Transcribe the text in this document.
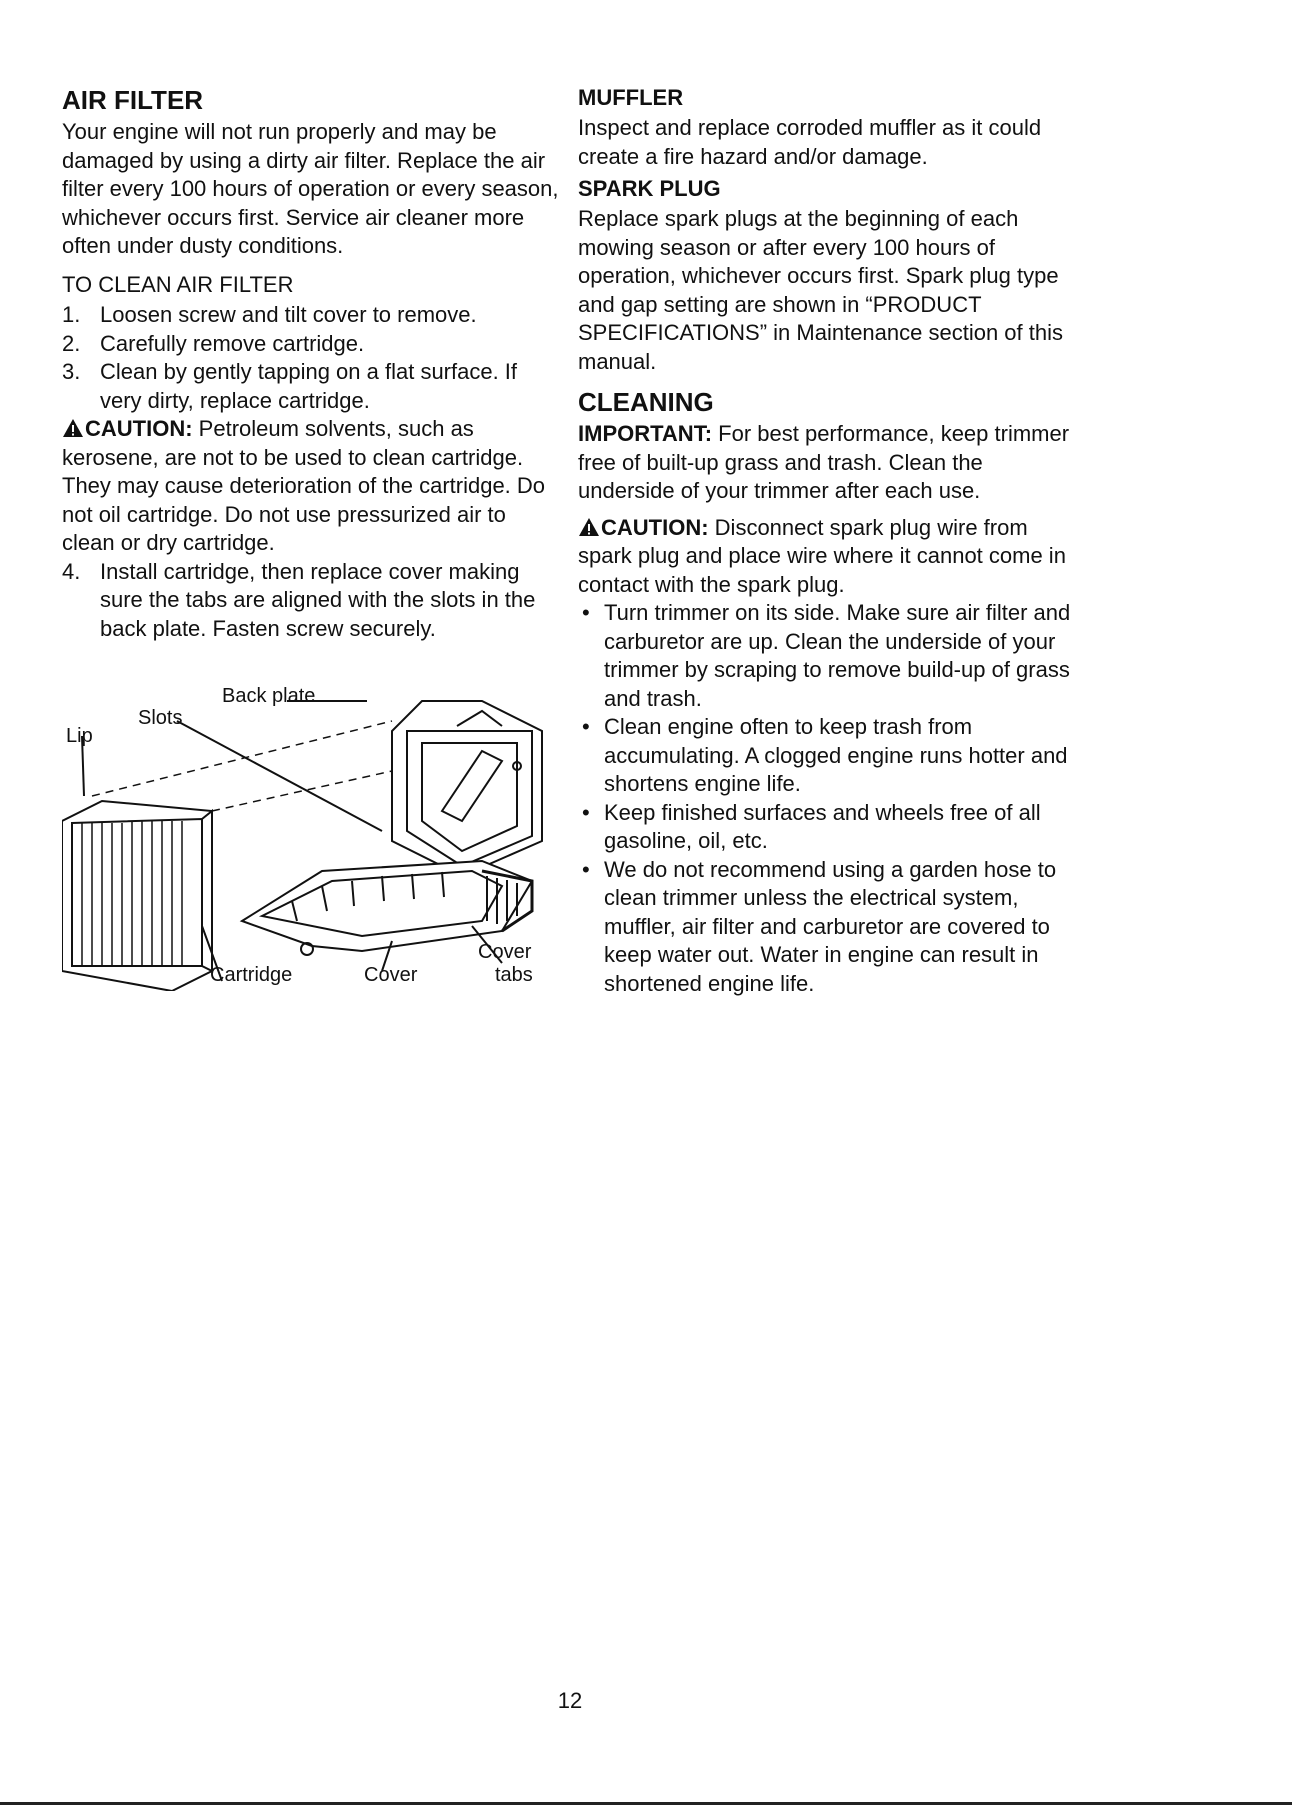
AIR FILTER

Your engine will not run properly and may be damaged by using a dirty air filter. Replace the air filter every 100 hours of operation or every season, whichever occurs first. Service air cleaner more often under dusty conditions.

TO CLEAN AIR FILTER

1. Loosen screw and tilt cover to remove.
2. Carefully remove cartridge.
3. Clean by gently tapping on a flat surface. If very dirty, replace cartridge.

CAUTION: Petroleum solvents, such as kerosene, are not to be used to clean cartridge. They may cause deterioration of the cartridge. Do not oil cartridge. Do not use pressurized air to clean or dry cartridge.

4. Install cartridge, then replace cover making sure the tabs are aligned with the slots in the back plate. Fasten screw securely.
Back plate
Slots
Lip
Cartridge	Cover
Cover
tabs
MUFFLER

Inspect and replace corroded muffler as it could create a fire hazard and/or damage.

SPARK PLUG

Replace spark plugs at the beginning of each mowing season or after every 100 hours of operation, whichever occurs first. Spark plug type and gap setting are shown in “PRODUCT SPECIFICATIONS” in Maintenance section of this manual.

CLEANING

IMPORTANT: For best performance, keep trimmer free of built-up grass and trash. Clean the underside of your trimmer after each use.

CAUTION: Disconnect spark plug wire from spark plug and place wire where it cannot come in contact with the spark plug.

• Turn trimmer on its side. Make sure air filter and carburetor are up. Clean the underside of your trimmer by scraping to remove build-up of grass and trash.
• Clean engine often to keep trash from accumulating. A clogged engine runs hotter and shortens engine life.
• Keep finished surfaces and wheels free of all gasoline, oil, etc.
• We do not recommend using a garden hose to clean trimmer unless the electrical system, muffler, air filter and carburetor are covered to keep water out. Water in engine can result in shortened engine life.
12
